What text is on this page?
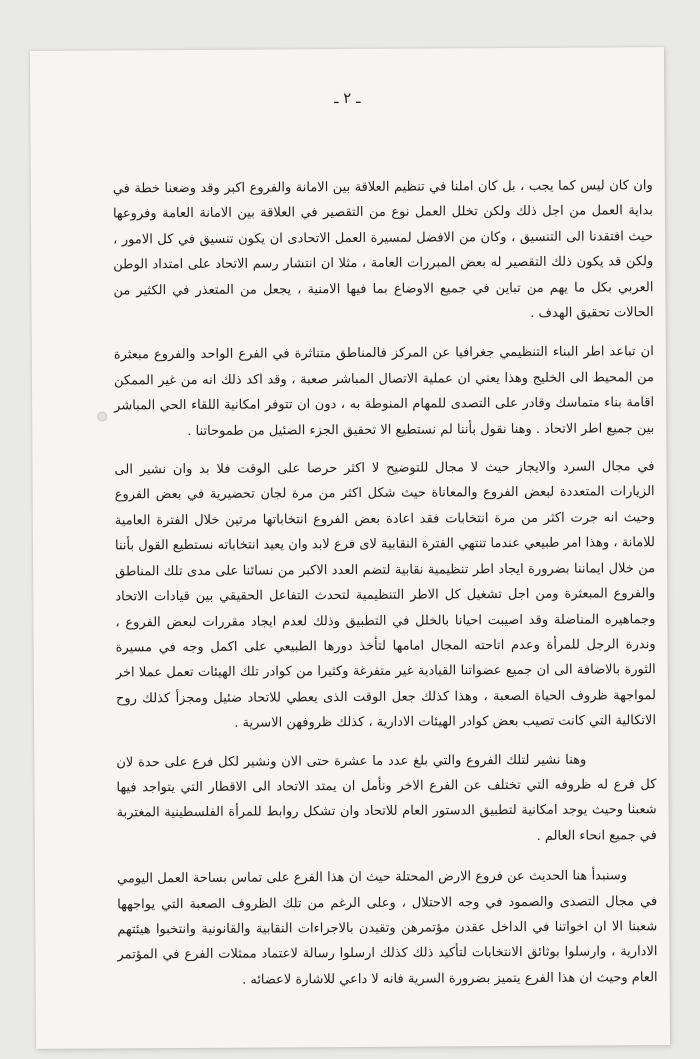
ـ ٢ ـ

وان كان ليس كما يجب ، بل كان املنا في تنظيم العلاقة بين الامانة والفروع اكبر وقد وضعنا خطة في بداية العمل من اجل ذلك ولكن تخلل العمل نوع من التقصير في العلاقة بين الامانة العامة وفروعها حيث افتقدنا الى التنسيق ، وكان من الافضل لمسيرة العمل الاتحادى ان يكون تنسيق في كل الامور ، ولكن قد يكون ذلك التقصير له بعض المبررات العامة ، مثلا ان انتشار رسم الاتحاد على امتداد الوطن العربي بكل ما يهم من تباين في جميع الاوضاع بما فيها الامنية ، يجعل من المتعذر في الكثير من الحالات تحقيق الهدف .

ان تباعد اطر البناء التنظيمي جغرافيا عن المركز فالمناطق متناثرة في الفرع الواحد والفروع مبعثرة من المحيط الى الخليج وهذا يعني ان عملية الاتصال المباشر صعبة ، وقد اكد ذلك انه من غير الممكن اقامة بناء متماسك وقادر على التصدى للمهام المنوطة به ، دون ان تتوفر امكانية اللقاء الحي المباشر بين جميع اطر الاتحاد . وهنا نقول بأننا لم نستطيع الا تحقيق الجزء الضئيل من طموحاتنا .

في مجال السرد والايجاز حيث لا مجال للتوضيح لا اكثر حرصا على الوقت فلا بد وان نشير الى الزيارات المتعددة لبعض الفروع والمعاناة حيث شكل اكثر من مرة لجان تحضيرية في بعض الفروع وحيث انه جرت اكثر من مرة انتخابات فقد اعادة بعض الفروع انتخاباتها مرتين خلال الفترة العامية للامانة ، وهذا امر طبيعي عندما تنتهي الفترة النقابية لاى فرع لابد وان يعيد انتخاباته نستطيع القول بأننا من خلال ايماننا بضرورة ايجاد اطر تنظيمية نقابية لتضم العدد الاكبر من نسائنا على مدى تلك المناطق والفروع المبعثرة ومن اجل تشغيل كل الاطر التنظيمية لتحدث التفاعل الحقيقي بين قيادات الاتحاد وجماهيره المناضلة وقد اصيبت احيانا بالخلل في التطبيق وذلك لعدم ايجاد مقررات لبعض الفروع ، وندرة الرجل للمرأة وعدم اتاحته المجال امامها لتأخذ دورها الطبيعي على اكمل وجه في مسيرة الثورة بالاضافة الى ان جميع عضواتنا القيادية غير متفرغة وكثيرا من كوادر تلك الهيئات تعمل عملا اخر لمواجهة ظروف الحياة الصعبة ، وهذا كذلك جعل الوقت الذى يعطي للاتحاد ضئيل ومجزأ كذلك روح الاتكالية التي كانت تصيب بعض كوادر الهيئات الادارية ، كذلك ظروفهن الاسرية .

وهنا نشير لتلك الفروع والتي بلغ عدد ما عشرة حتى الان ونشير لكل فرع على حدة لان كل فرع له ظروفه التي تختلف عن الفرع الاخر ونأمل ان يمتد الاتحاد الى الاقطار التي يتواجد فيها شعبنا وحيث يوجد امكانية لتطبيق الدستور العام للاتحاد وان تشكل روابط للمرأة الفلسطينية المغتربة في جميع انحاء العالم .

وسنبدأ هنا الحديث عن فروع الارض المحتلة حيث ان هذا الفرع على تماس بساحة العمل اليومي في مجال التصدى والصمود في وجه الاحتلال ، وعلى الرغم من تلك الظروف الصعبة التي يواجهها شعبنا الا ان اخواتنا في الداخل عقدن مؤتمرهن وتقيدن بالاجراءات النقابية والقانونية وانتخبوا هيئتهم الادارية ، وارسلوا بوثائق الانتخابات لتأكيد ذلك كذلك ارسلوا رسالة لاعتماد ممثلات الفرع في المؤتمر العام وحيث ان هذا الفرع يتميز بضرورة السرية فانه لا داعي للاشارة لاعضائه .
